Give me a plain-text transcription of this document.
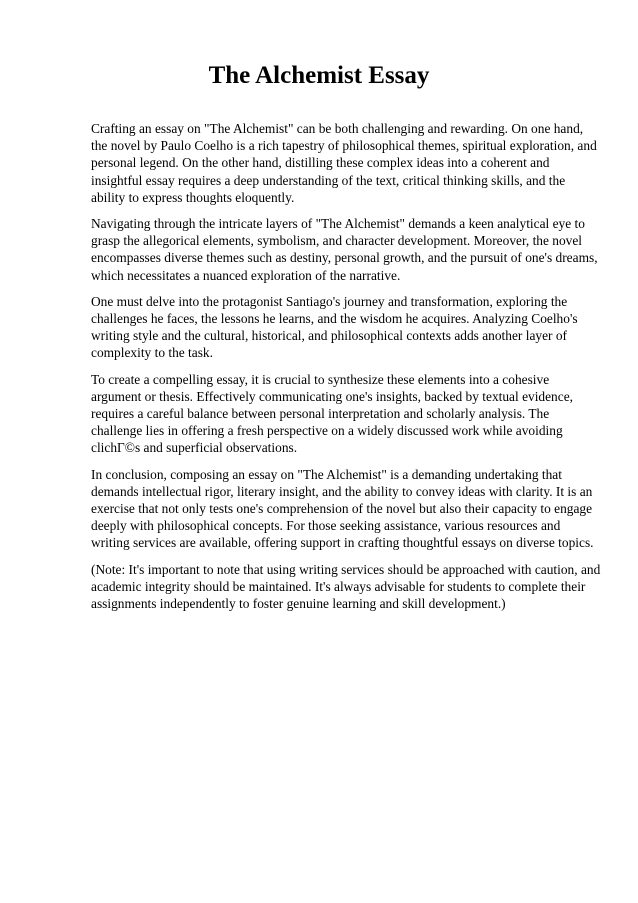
The Alchemist Essay

Crafting an essay on "The Alchemist" can be both challenging and rewarding. On one hand, the novel by Paulo Coelho is a rich tapestry of philosophical themes, spiritual exploration, and personal legend. On the other hand, distilling these complex ideas into a coherent and insightful essay requires a deep understanding of the text, critical thinking skills, and the ability to express thoughts eloquently.

Navigating through the intricate layers of "The Alchemist" demands a keen analytical eye to grasp the allegorical elements, symbolism, and character development. Moreover, the novel encompasses diverse themes such as destiny, personal growth, and the pursuit of one's dreams, which necessitates a nuanced exploration of the narrative.

One must delve into the protagonist Santiago's journey and transformation, exploring the challenges he faces, the lessons he learns, and the wisdom he acquires. Analyzing Coelho's writing style and the cultural, historical, and philosophical contexts adds another layer of complexity to the task.

To create a compelling essay, it is crucial to synthesize these elements into a cohesive argument or thesis. Effectively communicating one's insights, backed by textual evidence, requires a careful balance between personal interpretation and scholarly analysis. The challenge lies in offering a fresh perspective on a widely discussed work while avoiding clichГ©s and superficial observations.

In conclusion, composing an essay on "The Alchemist" is a demanding undertaking that demands intellectual rigor, literary insight, and the ability to convey ideas with clarity. It is an exercise that not only tests one's comprehension of the novel but also their capacity to engage deeply with philosophical concepts. For those seeking assistance, various resources and writing services are available, offering support in crafting thoughtful essays on diverse topics.

(Note: It's important to note that using writing services should be approached with caution, and academic integrity should be maintained. It's always advisable for students to complete their assignments independently to foster genuine learning and skill development.)
